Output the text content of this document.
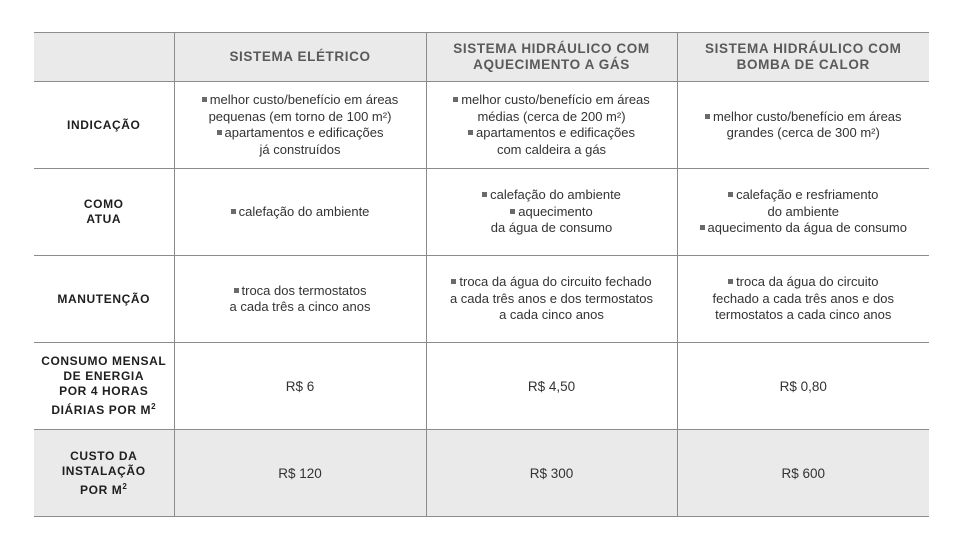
	SISTEMA ELÉTRICO	SISTEMA HIDRÁULICO COM
AQUECIMENTO A GÁS	SISTEMA HIDRÁULICO COM
BOMBA DE CALOR

INDICAÇÃO	melhor custo/benefício em áreas
pequenas (em torno de 100 m²)
apartamentos e edificações
já construídos	melhor custo/benefício em áreas
médias (cerca de 200 m²)
apartamentos e edificações
com caldeira a gás	melhor custo/benefício em áreas
grandes (cerca de 300 m²)

COMO
ATUA	calefação do ambiente	calefação do ambiente
aquecimento
da água de consumo	calefação e resfriamento
do ambiente
aquecimento da água de consumo

MANUTENÇÃO	troca dos termostatos
a cada três a cinco anos	troca da água do circuito fechado
a cada três anos e dos termostatos
a cada cinco anos	troca da água do circuito
fechado a cada três anos e dos
termostatos a cada cinco anos

CONSUMO MENSAL
DE ENERGIA
POR 4 HORAS
DIÁRIAS POR $M^2$	R$ 6	R$ 4,50	R$ 0,80

CUSTO DA
INSTALAÇÃO
POR $M^2$	R$ 120	R$ 300	R$ 600
